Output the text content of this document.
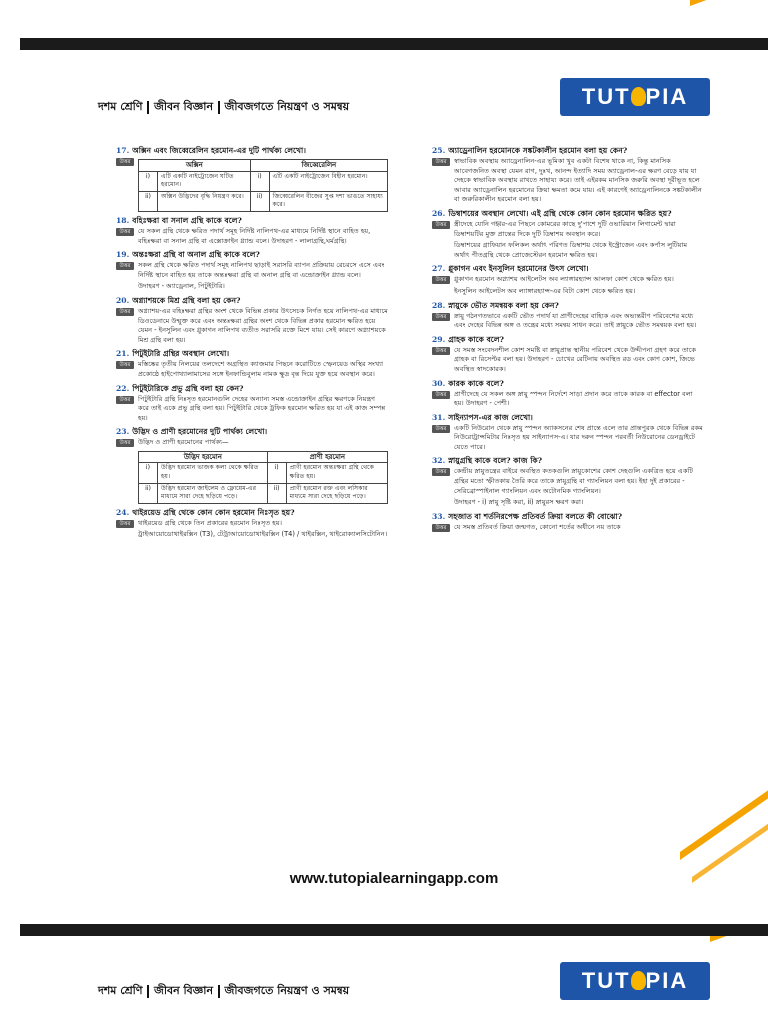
দশম শ্রেণি জীবন বিজ্ঞান জীবজগতে নিয়ন্ত্রণ ও সমন্বয়	TUT PIA
17. অক্সিন এবং জিব্বেরেলিন হরমোন-এর দুটি পার্থক্য লেখো।
উত্তর	অক্সিন		জিব্বেরেলিন	
i)	এটি একটি নাইট্রোজেন ঘটিত হরমোন।	i)	এটি একটি নাইট্রোজেন বিহীন হরমোন।
ii)	অক্সিন উদ্ভিদের বৃদ্ধি নিয়ন্ত্রণ করে।	ii)	জিব্বেরেলিন বীজের সুপ্ত দশা ভাঙতে সাহায্য করে।
18. বহিঃক্ষরা বা সনাল গ্রন্থি কাকে বলে?
উত্তর	যে সকল গ্রন্থি থেকে ক্ষরিত পদার্থ সমূহ নির্দিষ্ট নালিপথ-এর মাধ্যমে নির্দিষ্ট স্থানে বাহিত হয়, বহিঃক্ষরা বা সনাল গ্রন্থি বা এক্সোক্রাইন গ্ল্যান্ড বলে। উদাহরণ - লালাগ্রন্থি,ঘর্মগ্রন্থি।

19. অন্তঃক্ষরা গ্রন্থি বা অনাল গ্রন্থি কাকে বলে?
উত্তর	সকল গ্রন্থি থেকে ক্ষরিত পদার্থ সমূহ নালিপথ ছাড়াই সরাসরি ব্যাপন প্রক্রিয়ায় রেচরসে এসে এবং নির্দিষ্ট স্থানে বাহিত হয় তাকে অন্তঃক্ষরা গ্রন্থি বা অনাল গ্রন্থি বা এন্ডোক্রাইন গ্ল্যান্ড বলে।

উদাহরণ - অ্যাড্রেনাল, পিটুইটারি।

20. অগ্ন্যাশয়কে মিশ্র গ্রন্থি বলা হয় কেন?
উত্তর	অগ্ন্যাশয়-এর বহিঃক্ষরা গ্রন্থির অংশ থেকে বিভিন্ন প্রকার উৎসেচক নির্গত হয়ে নালিপথ-এর মাধ্যমে ডিওডেনামে উন্মুক্ত করে এবং অন্তঃক্ষরা গ্রন্থির অংশ থেকে বিভিন্ন প্রকার হরমোন ক্ষরিত হয়ে যেমন - ইনসুলিন এবং গ্লুকাগন নালিপথ ব্যতীত সরাসরি রক্তে মিশে যায়। সেই কারণে অগ্ন্যাশয়কে মিশ্র গ্রন্থি বলা হয়।

21. পিটুইটারি গ্রন্থির অবস্থান লেখো।
উত্তর	মস্তিষ্কের তৃতীয় নিলয়ের তলদেশে অগ্রস্থিত ক্যাজমার পিছনে করোটিতে স্ফেনয়েড অস্থির সংখ্যা প্রকোষ্ঠে হাইপোথ্যালামাসের সঙ্গে ইনফান্ডিবুলাম নামক ক্ষুদ্র বৃন্ত দিয়ে যুক্ত হয়ে অবস্থান করে।

22. পিটুইটারিকে প্রভু গ্রন্থি বলা হয় কেন?
উত্তর	পিটুইটারি গ্রন্থি নিঃসৃত হরমোনগুলি দেহের অন্যান্য সমস্ত এন্ডোক্রাইন গ্রন্থির ক্ষরণকে নিয়ন্ত্রণ করে তাই একে প্রভু গ্রন্থি বলা হয়। পিটুইটারি থেকে ট্রফিক হরমোন ক্ষরিত হয় যা এই কাজ সম্পন্ন হয়।

23. উদ্ভিদ ও প্রাণী হরমোনের দুটি পার্থক্য লেখো।
উত্তর	উদ্ভিদ ও প্রাণী হরমোনের পার্থক্য—

উদ্ভিদ হরমোন		প্রাণী হরমোন	
i)	উদ্ভিদ হরমোন ভাজক কলা থেকে ক্ষরিত হয়।	i)	প্রাণী হরমোন অন্তঃক্ষরা গ্রন্থি থেকে ক্ষরিত হয়।
ii)	উদ্ভিদ হরমোন জাইলেম ও ফ্লোয়েম-এর মাধ্যমে সারা দেহে ছড়িয়ে পড়ে।	ii)	প্রাণী হরমোন রক্ত এবং লসিকার মাধ্যমে সারা দেহে ছড়িয়ে পড়ে।
24. থাইরয়েড গ্রন্থি থেকে কোন কোন হরমোন নিঃসৃত হয়?
উত্তর	থাইরয়েড গ্রন্থি থেকে তিন প্রকারের হরমোন নিঃসৃত হয়।

ট্রাইআয়োডোথাইরক্সিন (T3), টেট্রাআয়োডোথাইরক্সিন (T4) / থাইরক্সিন, থাইরোক্যালসিটোনিন।

25. অ্যাড্রেনালিন হরমোনকে সঙ্কটকালীন হরমোন বলা হয় কেন?
উত্তর	স্বাভাবিক অবস্থায় অ্যাড্রেনালিন-এর ভূমিকা খুব একটা বিশেষ থাকে না, কিন্তু মানসিক আবেগজনিত অবস্থা যেমন রাগ, দুঃখ, আনন্দ ইত্যাদি সময় অ্যাড্রেনাল-এর ক্ষরণ বেড়ে যায় যা দেহকে স্বাভাবিক অবস্থায় রাখতে সাহায্য করে। তাই এইরকম মানসিক জরুরি অবস্থা দূরীভূত হলে আবার অ্যাড্রেনালিন হরমোনের ক্রিয়া ক্ষমতা কমে যায়। এই কারণেই অ্যাড্রেনালিনকে সঙ্কটকালীন বা জরুরিকালীন হরমোন বলা হয়।

26. ডিম্বাশয়ের অবস্থান লেখো। এই গ্রন্থি থেকে কোন কোন হরমোন ক্ষরিত হয়?
উত্তর	স্ত্রীদেহে যোনি গহ্বর-এর পিছনে কোমরের কাছে দু'পাশে দুটি ওভারিয়ান লিগামেন্ট দ্বারা ডিম্বাশয়টির মুক্ত প্রান্তের দিকে দুটি ডিম্বাশয় অবস্থান করে।

ডিম্বাশয়ের গ্রাফিয়ান ফলিকল অর্থাৎ পরিণত ডিম্বাশয় থেকে ইস্ট্রোজেন এবং কর্পাস লুটিয়াম অর্থাৎ পীতগ্রন্থি থেকে প্রোজেস্টেরন হরমোন ক্ষরিত হয়।

27. গ্লুকাগন এবং ইনসুলিন হরমোনের উৎস লেখো।
উত্তর	গ্লুকাগন হরমোন অগ্ন্যাশয় আইলেটস অব ল্যাঙ্গারহ্যান্স আলফা কোশ থেকে ক্ষরিত হয়।

ইনসুলিন আইলেটস অব ল্যাঙ্গারহ্যান্স-এর বিটা কোশ থেকে ক্ষরিত হয়।

28. স্নায়ুকে ভৌত সমন্বয়ক বলা হয় কেন?
উত্তর	স্নায়ু গঠনগতভাবে একটি ভৌত পদার্থ যা প্রাণীদেহের বাহ্যিক এবং অভ্যন্তরীণ পরিবেশের মধ্যে এবং দেহের বিভিন্ন অঙ্গ ও তন্ত্রের মধ্যে সমন্বয় সাধন করে। তাই স্নায়ুকে ভৌত সমন্বয়ক বলা হয়।

29. গ্রাহক কাকে বলে?
উত্তর	যে সমস্ত সংবেদনশীল কোশ সমষ্টি বা স্নায়ুপ্রান্ত স্থানীয় পরিবেশ থেকে উদ্দীপনা গ্রহণ করে তাকে গ্রাহক বা রিসেপ্টর বলা হয়। উদাহরণ - চোখের রেটিনায় অবস্থিত রড এবং কোণ কোশ, জিভে অবস্থিত স্বাদকোরক।

30. কারক কাকে বলে?
উত্তর	প্রাণীদেহে যে সকল অঙ্গ স্নায়ু স্পন্দন নির্দেশে সাড়া প্রদান করে তাকে কারক বা effector বলা হয়। উদাহরণ - পেশী।

31. সাইন্যাপস-এর কাজ লেখো।
উত্তর	একটি নিউরোন থেকে স্নায়ু স্পন্দন অ্যাকসনের শেষ প্রান্তে এলে তার প্রান্তপুরক থেকে বিভিন্ন রকম নিউরোট্রান্সমিটার নিঃসৃত হয় সাইন্যাপস-এ। যার দরুন স্পন্দন পরবর্তী নিউরোনের ডেনড্রাইটে যেতে পারে।

32. স্নায়ুগ্রন্থি কাকে বলে? কাজ কি?
উত্তর	কেন্দ্রীয় স্নায়ুতন্ত্রের বাইরে অবস্থিত কতকগুলি স্নায়ুকোশের কোশ দেহগুলি একত্রিত হয়ে একটি গ্রন্থির মতো স্ফীতকায় তৈরি করে তাকে স্নায়ুগ্রন্থি বা গ্যাংলিয়ন বলা হয়। ইহা দুই প্রকারের - সেরিব্রোস্পাইনাল গ্যাংলিয়ন এবং অটোনমিক গ্যাংলিয়ন।

উদাহরণ - i) স্নায়ু সৃষ্টি করা, ii) স্নায়ুরস ক্ষরণ করা।

33. সহজাত বা শর্তনিরপেক্ষ প্রতিবর্ত ক্রিয়া বলতে কী বোঝো?
উত্তর	যে সমস্ত প্রতিবর্ত ক্রিয়া জন্মগত, কোনো শর্তের অধীনে নয় তাকে

www.tutopialearningapp.com
দশম শ্রেণি জীবন বিজ্ঞান জীবজগতে নিয়ন্ত্রণ ও সমন্বয়	TUT PIA
